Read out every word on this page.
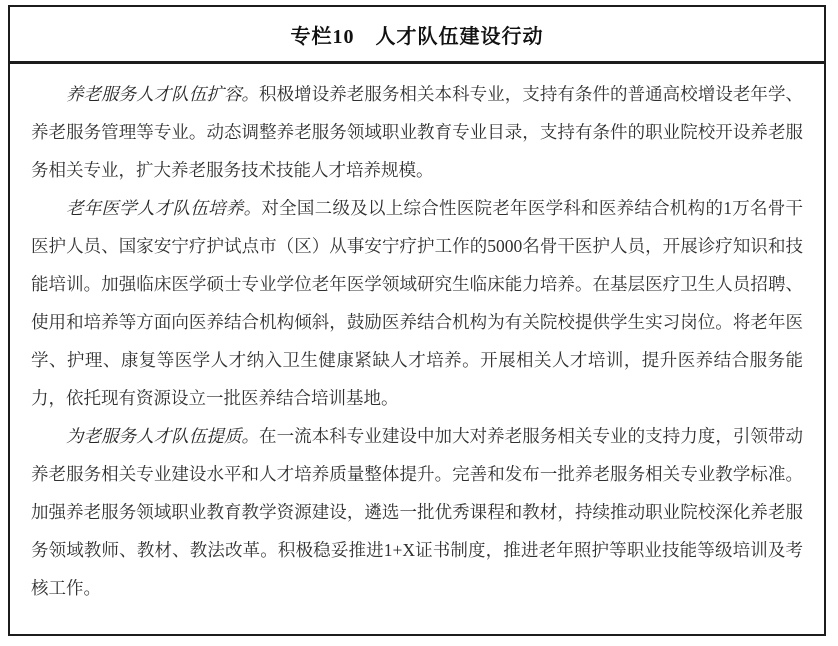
专栏10　人才队伍建设行动

养老服务人才队伍扩容。积极增设养老服务相关本科专业，支持有条件的普通高校增设老年学、养老服务管理等专业。动态调整养老服务领域职业教育专业目录，支持有条件的职业院校开设养老服务相关专业，扩大养老服务技术技能人才培养规模。

老年医学人才队伍培养。对全国二级及以上综合性医院老年医学科和医养结合机构的1万名骨干医护人员、国家安宁疗护试点市（区）从事安宁疗护工作的5000名骨干医护人员，开展诊疗知识和技能培训。加强临床医学硕士专业学位老年医学领域研究生临床能力培养。在基层医疗卫生人员招聘、使用和培养等方面向医养结合机构倾斜，鼓励医养结合机构为有关院校提供学生实习岗位。将老年医学、护理、康复等医学人才纳入卫生健康紧缺人才培养。开展相关人才培训，提升医养结合服务能力，依托现有资源设立一批医养结合培训基地。

为老服务人才队伍提质。在一流本科专业建设中加大对养老服务相关专业的支持力度，引领带动养老服务相关专业建设水平和人才培养质量整体提升。完善和发布一批养老服务相关专业教学标准。加强养老服务领域职业教育教学资源建设，遴选一批优秀课程和教材，持续推动职业院校深化养老服务领域教师、教材、教法改革。积极稳妥推进1+X证书制度，推进老年照护等职业技能等级培训及考核工作。
